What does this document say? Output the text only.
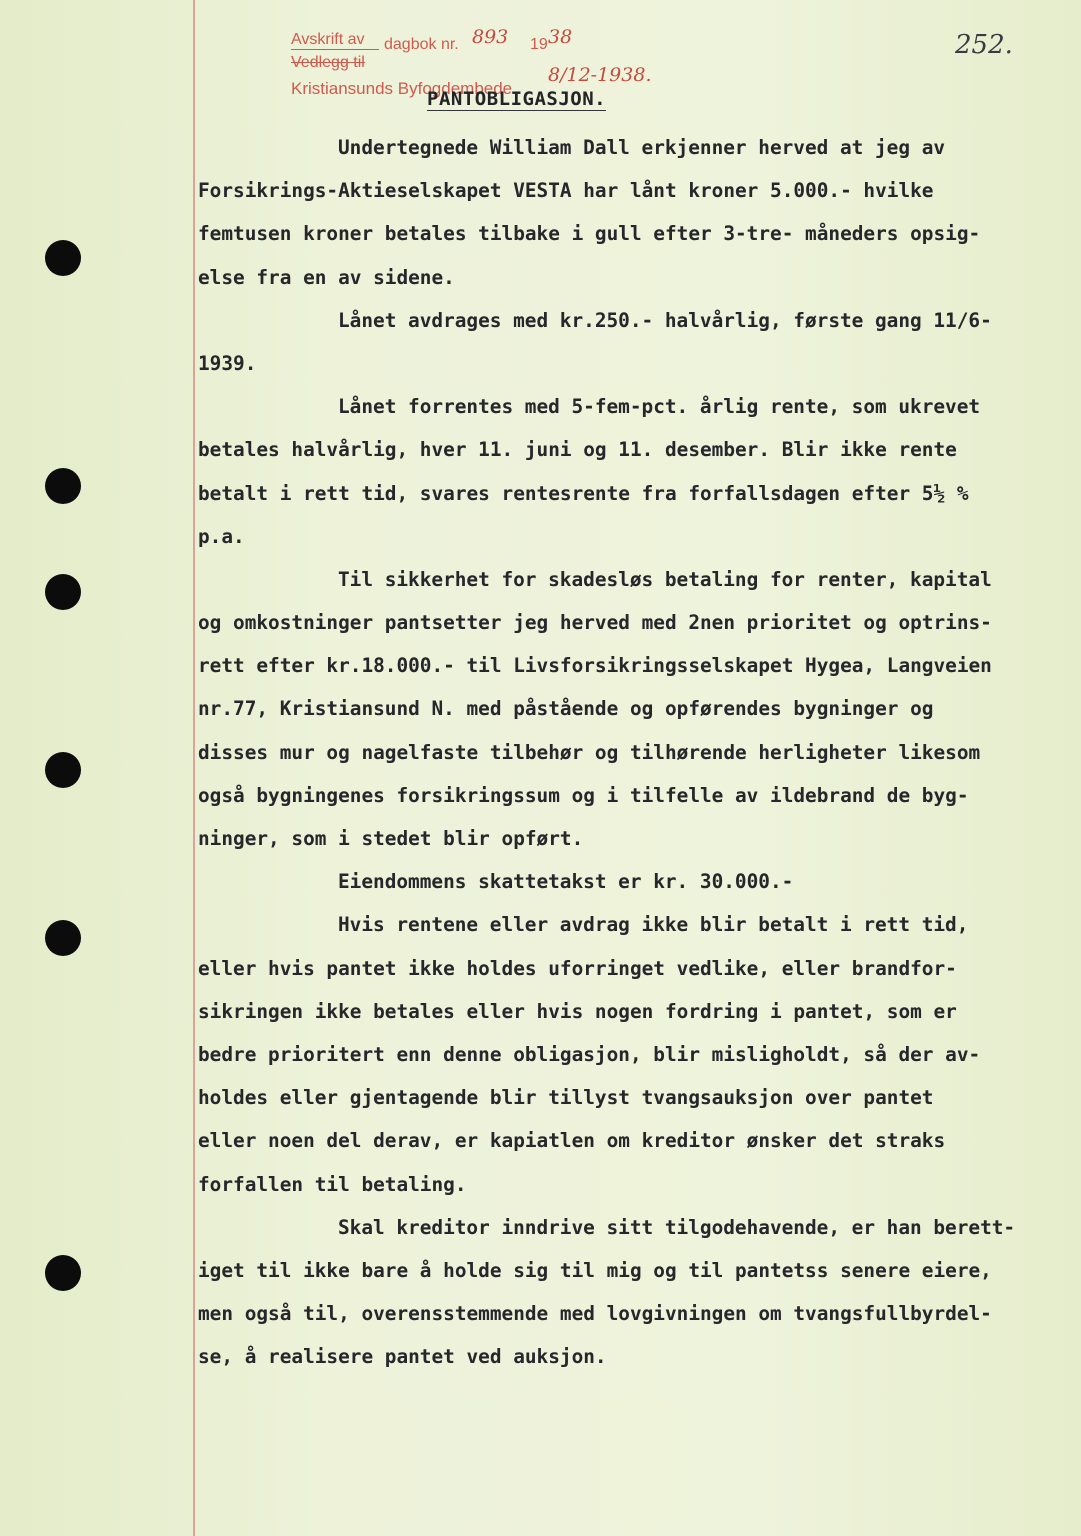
Avskrift av dagbok nr. 893 19 38
Vedlegg til
Kristiansunds Byfogdembede
8/12-1938.
252.
PANTOBLIGASJON.
Undertegnede William Dall erkjenner herved at jeg av
Forsikrings-Aktieselskapet VESTA har lånt kroner 5.000.- hvilke
femtusen kroner betales tilbake i gull efter 3-tre- måneders opsig-
else fra en av sidene.
Lånet avdrages med kr.250.- halvårlig, første gang 11/6-
1939.
Lånet forrentes med 5-fem-pct. årlig rente, som ukrevet
betales halvårlig, hver 11. juni og 11. desember. Blir ikke rente
betalt i rett tid, svares rentesrente fra forfallsdagen efter 5½ %
p.a.
Til sikkerhet for skadesløs betaling for renter, kapital
og omkostninger pantsetter jeg herved med 2nen prioritet og optrins-
rett efter kr.18.000.- til Livsforsikringsselskapet Hygea, Langveien
nr.77, Kristiansund N. med påstående og opførendes bygninger og
disses mur og nagelfaste tilbehør og tilhørende herligheter likesom
også bygningenes forsikringssum og i tilfelle av ildebrand de byg-
ninger, som i stedet blir opført.
Eiendommens skattetakst er kr. 30.000.-
Hvis rentene eller avdrag ikke blir betalt i rett tid,
eller hvis pantet ikke holdes uforringet vedlike, eller brandfor-
sikringen ikke betales eller hvis nogen fordring i pantet, som er
bedre prioritert enn denne obligasjon, blir misligholdt, så der av-
holdes eller gjentagende blir tillyst tvangsauksjon over pantet
eller noen del derav, er kapiatlen om kreditor ønsker det straks
forfallen til betaling.
Skal kreditor inndrive sitt tilgodehavende, er han berett-
iget til ikke bare å holde sig til mig og til pantetss senere eiere,
men også til, overensstemmende med lovgivningen om tvangsfullbyrdel-
se, å realisere pantet ved auksjon.
